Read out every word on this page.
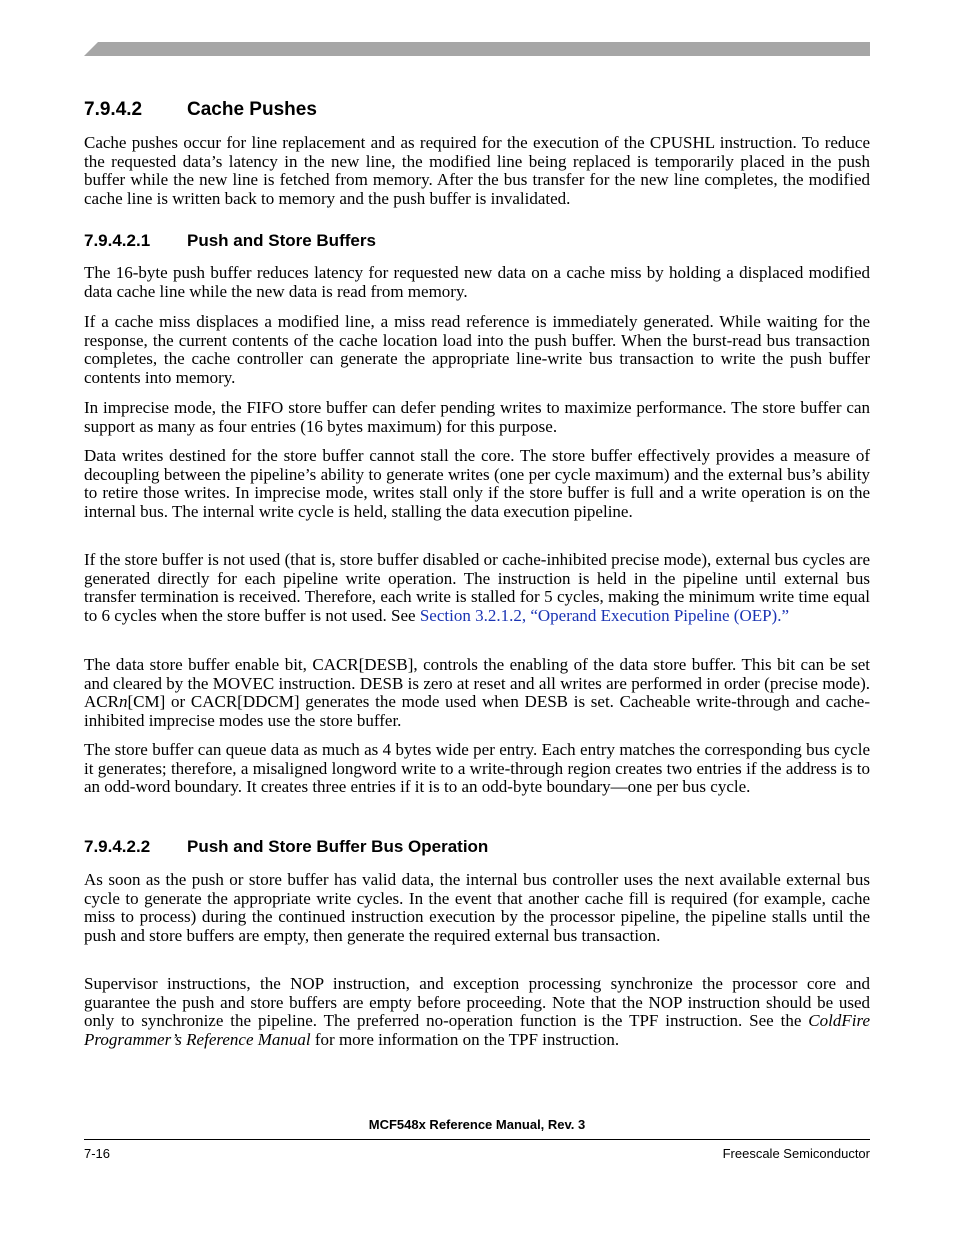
7.9.4.2 Cache Pushes

Cache pushes occur for line replacement and as required for the execution of the CPUSHL instruction. To reduce the requested data’s latency in the new line, the modified line being replaced is temporarily placed in the push buffer while the new line is fetched from memory. After the bus transfer for the new line completes, the modified cache line is written back to memory and the push buffer is invalidated.

7.9.4.2.1 Push and Store Buffers

The 16-byte push buffer reduces latency for requested new data on a cache miss by holding a displaced modified data cache line while the new data is read from memory.

If a cache miss displaces a modified line, a miss read reference is immediately generated. While waiting for the response, the current contents of the cache location load into the push buffer. When the burst-read bus transaction completes, the cache controller can generate the appropriate line-write bus transaction to write the push buffer contents into memory.

In imprecise mode, the FIFO store buffer can defer pending writes to maximize performance. The store buffer can support as many as four entries (16 bytes maximum) for this purpose.

Data writes destined for the store buffer cannot stall the core. The store buffer effectively provides a measure of decoupling between the pipeline’s ability to generate writes (one per cycle maximum) and the external bus’s ability to retire those writes. In imprecise mode, writes stall only if the store buffer is full and a write operation is on the internal bus. The internal write cycle is held, stalling the data execution pipeline.

If the store buffer is not used (that is, store buffer disabled or cache-inhibited precise mode), external bus cycles are generated directly for each pipeline write operation. The instruction is held in the pipeline until external bus transfer termination is received. Therefore, each write is stalled for 5 cycles, making the minimum write time equal to 6 cycles when the store buffer is not used. See Section 3.2.1.2, “Operand Execution Pipeline (OEP).”

The data store buffer enable bit, CACR[DESB], controls the enabling of the data store buffer. This bit can be set and cleared by the MOVEC instruction. DESB is zero at reset and all writes are performed in order (precise mode). ACRn[CM] or CACR[DDCM] generates the mode used when DESB is set. Cacheable write-through and cache-inhibited imprecise modes use the store buffer.

The store buffer can queue data as much as 4 bytes wide per entry. Each entry matches the corresponding bus cycle it generates; therefore, a misaligned longword write to a write-through region creates two entries if the address is to an odd-word boundary. It creates three entries if it is to an odd-byte boundary—one per bus cycle.

7.9.4.2.2 Push and Store Buffer Bus Operation

As soon as the push or store buffer has valid data, the internal bus controller uses the next available external bus cycle to generate the appropriate write cycles. In the event that another cache fill is required (for example, cache miss to process) during the continued instruction execution by the processor pipeline, the pipeline stalls until the push and store buffers are empty, then generate the required external bus transaction.

Supervisor instructions, the NOP instruction, and exception processing synchronize the processor core and guarantee the push and store buffers are empty before proceeding. Note that the NOP instruction should be used only to synchronize the pipeline. The preferred no-operation function is the TPF instruction. See the ColdFire Programmer’s Reference Manual for more information on the TPF instruction.

MCF548x Reference Manual, Rev. 3
7-16	Freescale Semiconductor
